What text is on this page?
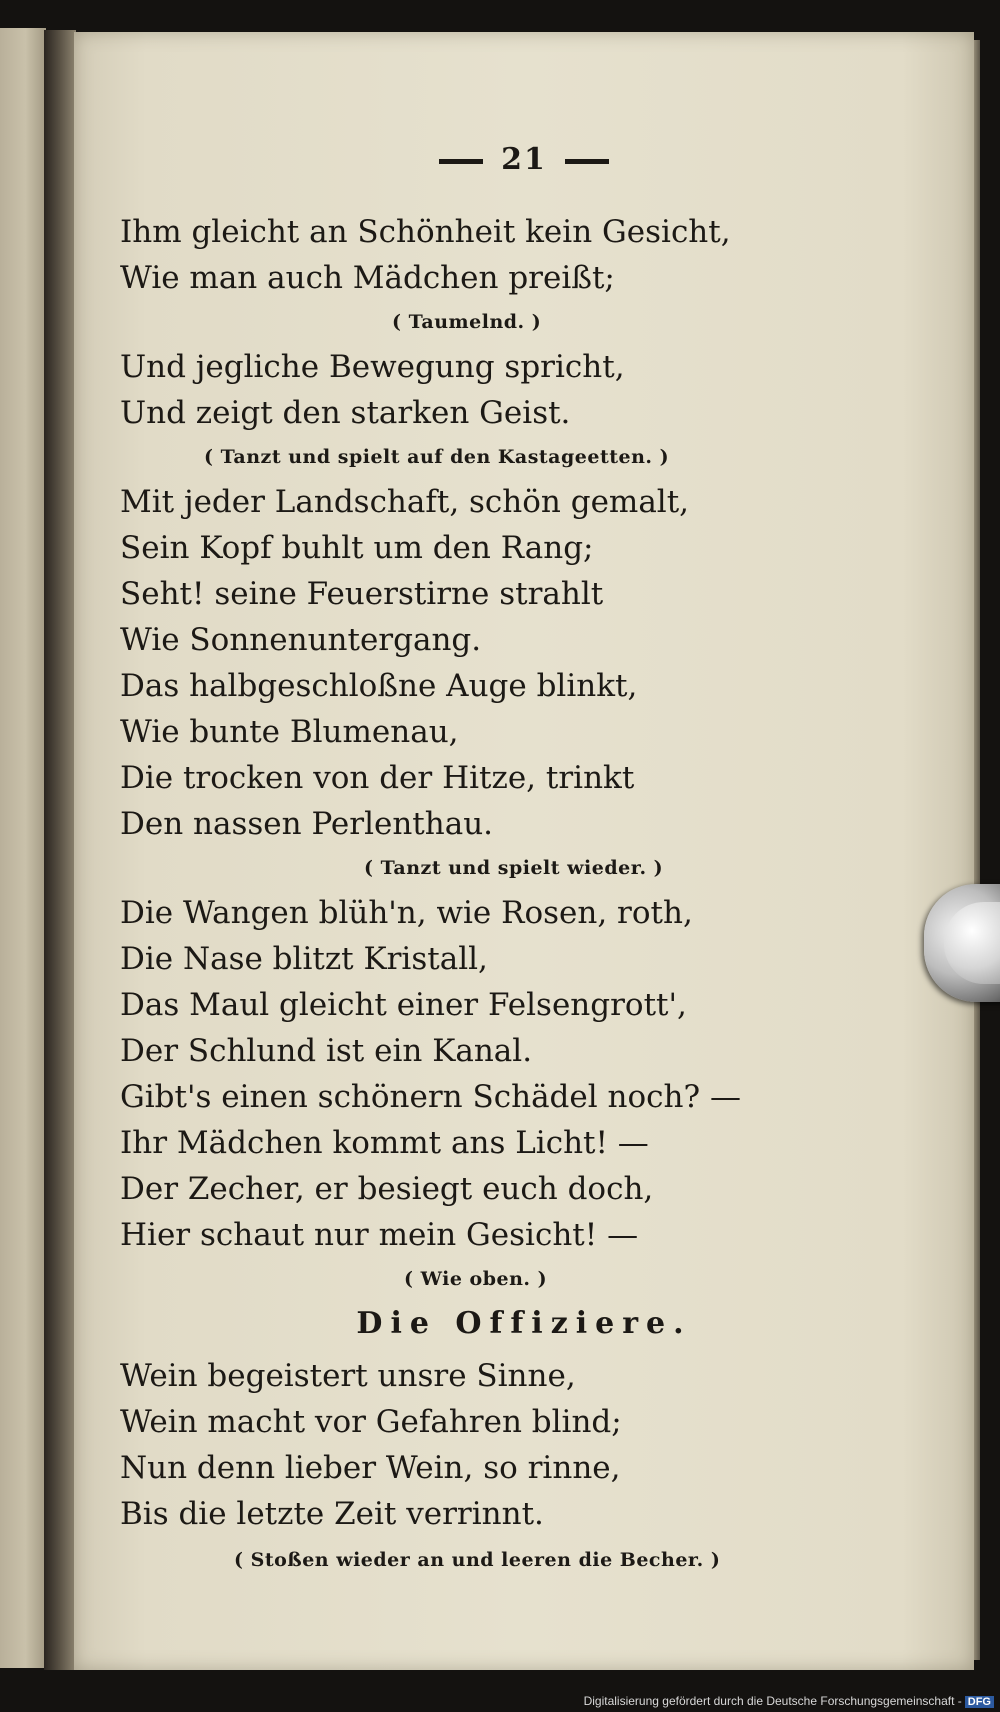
21
Ihm gleicht an Schönheit kein Gesicht,
Wie man auch Mädchen preißt;
( Taumelnd. )
Und jegliche Bewegung spricht,
Und zeigt den starken Geist.
( Tanzt und spielt auf den Kastageetten. )
Mit jeder Landschaft, schön gemalt,
Sein Kopf buhlt um den Rang;
Seht! seine Feuerstirne strahlt
Wie Sonnenuntergang.
Das halbgeschloßne Auge blinkt,
Wie bunte Blumenau,
Die trocken von der Hitze, trinkt
Den nassen Perlenthau.
( Tanzt und spielt wieder. )
Die Wangen blüh'n, wie Rosen, roth,
Die Nase blitzt Kristall,
Das Maul gleicht einer Felsengrott',
Der Schlund ist ein Kanal.
Gibt's einen schönern Schädel noch? —
Ihr Mädchen kommt ans Licht! —
Der Zecher, er besiegt euch doch,
Hier schaut nur mein Gesicht! —
( Wie oben. )
Die Offiziere.
Wein begeistert unsre Sinne,
Wein macht vor Gefahren blind;
Nun denn lieber Wein, so rinne,
Bis die letzte Zeit verrinnt.
( Stoßen wieder an und leeren die Becher. )
Digitalisierung gefördert durch die Deutsche Forschungsgemeinschaft - DFG
